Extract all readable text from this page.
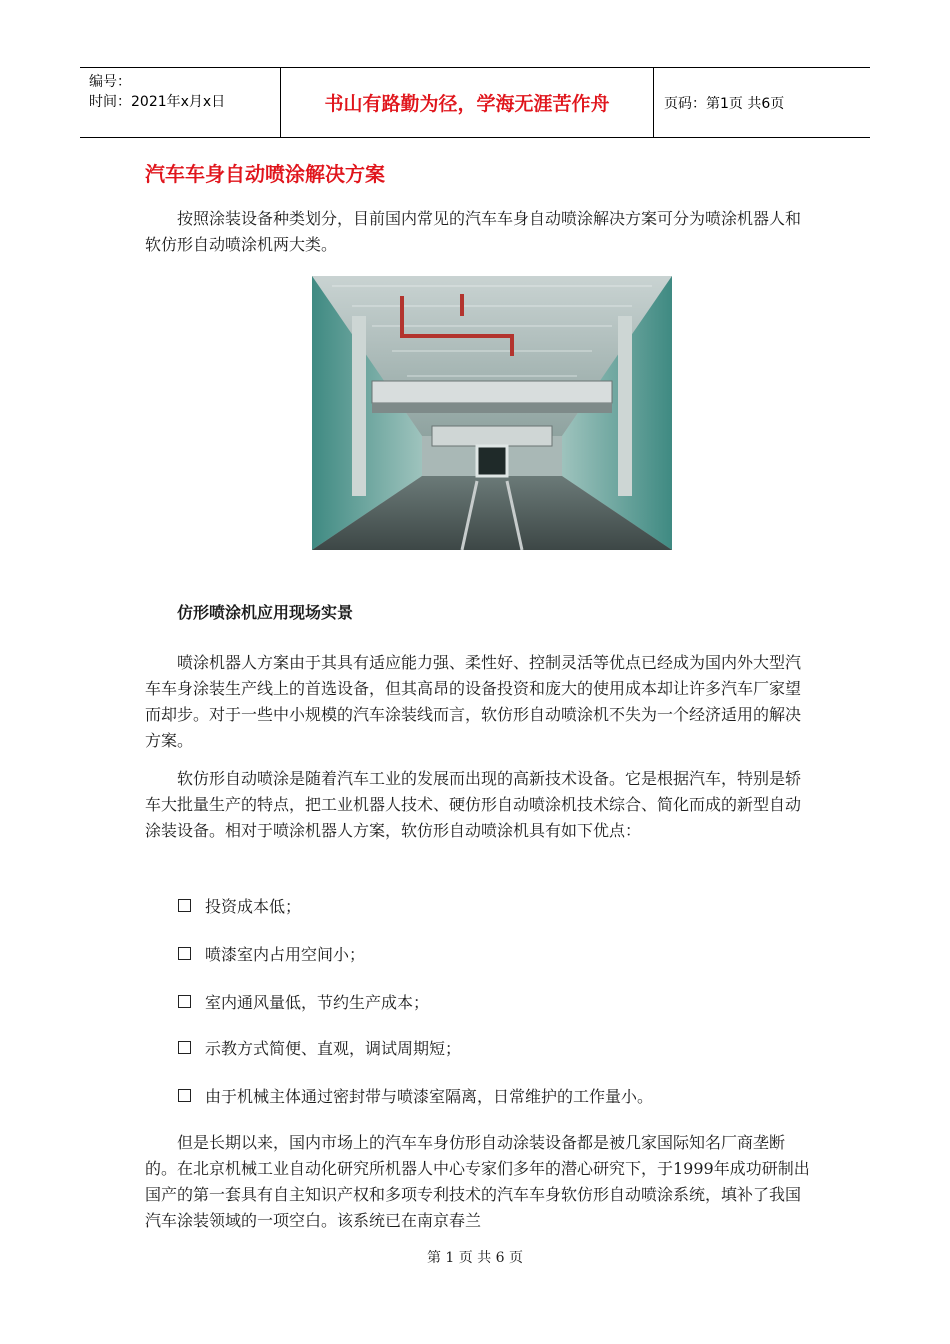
编号：
时间：2021年x月x日	书山有路勤为径，学海无涯苦作舟	页码：第1页 共6页
汽车车身自动喷涂解决方案

按照涂装设备种类划分，目前国内常见的汽车车身自动喷涂解决方案可分为喷涂机器人和软仿形自动喷涂机两大类。

仿形喷涂机应用现场实景

喷涂机器人方案由于其具有适应能力强、柔性好、控制灵活等优点已经成为国内外大型汽车车身涂装生产线上的首选设备，但其高昂的设备投资和庞大的使用成本却让许多汽车厂家望而却步。对于一些中小规模的汽车涂装线而言，软仿形自动喷涂机不失为一个经济适用的解决方案。

软仿形自动喷涂是随着汽车工业的发展而出现的高新技术设备。它是根据汽车，特别是轿车大批量生产的特点，把工业机器人技术、硬仿形自动喷涂机技术综合、简化而成的新型自动涂装设备。相对于喷涂机器人方案，软仿形自动喷涂机具有如下优点：

投资成本低；

喷漆室内占用空间小；

室内通风量低，节约生产成本；

示教方式简便、直观，调试周期短；

由于机械主体通过密封带与喷漆室隔离，日常维护的工作量小。

但是长期以来，国内市场上的汽车车身仿形自动涂装设备都是被几家国际知名厂商垄断的。在北京机械工业自动化研究所机器人中心专家们多年的潜心研究下，于1999年成功研制出国产的第一套具有自主知识产权和多项专利技术的汽车车身软仿形自动喷涂系统，填补了我国汽车涂装领域的一项空白。该系统已在南京春兰

第 1 页 共 6 页
